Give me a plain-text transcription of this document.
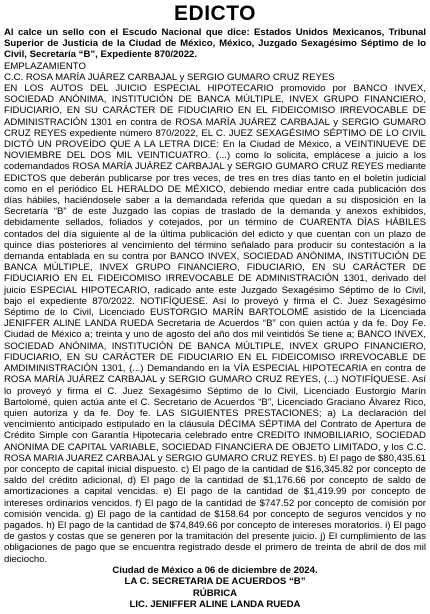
EDICTO

Al calce un sello con el Escudo Nacional que dice: Estados Unidos Mexicanos, Tribunal Superior de Justicia de la Ciudad de México, México, Juzgado Sexagésimo Séptimo de lo Civil, Secretaría “B”, Expediente 870/2022.

EMPLAZAMIENTO
C.C. ROSA MARÍA JUÁREZ CARBAJAL y SERGIO GUMARO CRUZ REYES
EN LOS AUTOS DEL JUICIO ESPECIAL HIPOTECARIO promovido por BANCO INVEX, SOCIEDAD ANÓNIMA, INSTITUCIÓN DE BANCA MÚLTIPLE, INVEX GRUPO FINANCIERO, FIDUCIARIO, EN SU CARÁCTER DE FIDUCIARIO EN EL FIDEICOMISO IRREVOCABLE DE ADMINISTRACIÓN 1301 en contra de ROSA MARÍA JUÁREZ CARBAJAL y SERGIO GUMARO CRUZ REYES expediente número 870/2022, EL C. JUEZ SEXAGÉSIMO SÉPTIMO DE LO CIVIL DICTÓ UN PROVEÍDO QUE A LA LETRA DICE: En la Ciudad de México, a VEINTINUEVE DE NOVIEMBRE DEL DOS MIL VEINTICUATRO. (...) como lo solicita, emplácese a juicio a los codemandados ROSA MARÍA JUÁREZ CARBAJAL y SERGIO GUMARO CRUZ REYES mediante EDICTOS que deberán publicarse por tres veces, de tres en tres días tanto en el boletín judicial como en el periódico EL HERALDO DE MÉXICO, debiendo mediar entre cada publicación dos días hábiles, haciéndosele saber a la demandada referida que quedan a su disposición en la Secretaría “B” de este Juzgado las copias de traslado de la demanda y anexos exhibidos, debidamente sellados, foliados y cotejados, por un término de CUARENTA DÍAS HÁBILES contados del día siguiente al de la última publicación del edicto y que cuentan con un plazo de quince días posteriores al vencimiento del término señalado para producir su contestación a la demanda entablada en su contra por BANCO INVEX, SOCIEDAD ANÓNIMA, INSTITUCIÓN DE BANCA MÚLTIPLE, INVEX GRUPO FINANCIERO, FIDUCIARIO, EN SU CARÁCTER DE FIDUCIARIO EN EL FIDEICOMISO IRREVOCABLE DE ADMINISTRACIÓN 1301, derivado del juicio ESPECIAL HIPOTECARIO, radicado ante este Juzgado Sexagésimo Séptimo de lo Civil, bajo el expediente 870/2022. NOTIFÍQUESE. Así lo proveyó y firma el C. Juez Sexagésimo Séptimo de lo Civil, Licenciado EUSTORGIO MARÍN BARTOLOMÉ asistido de la Licenciada JENIFFER ALINE LANDA RUEDA Secretaria de Acuerdos “B” con quien actúa y da fe. Doy Fe. Ciudad de México a; treinta y uno de agosto del año dos mil veintidós Se tiene a; BANCO INVEX, SOCIEDAD ANÓNIMA, INSTITUCIÓN DE BANCA MÚLTIPLE, INVEX GRUPO FINANCIERO, FIDUCIARIO, EN SU CARÁCTER DE FIDUCIARIO EN EL FIDEICOMISO IRREVOCABLE DE AMDIMINISTRACIÓN 1301, (...) Demandando en la VÍA ESPECIAL HIPOTECARIA en contra de ROSA MARÍA JUÁREZ CARBAJAL y SERGIO GUMARO CRUZ REYES, (...) NOTIFÍQUESE. Así lo proveyó y firma el C. Juez Sexagésimo Séptimo de lo Civil, Licenciado Eustorgio Marín Bartolomé, quien actúa ante el C. Secretario de Acuerdos “B”, Licenciado Graciano Álvarez Rico, quien autoriza y da fe. Doy fe. LAS SIGUIENTES PRESTACIONES; a) La declaración del vencimiento anticipado estipulado en la cláusula DÉCIMA SÉPTIMA del Contrato de Apertura de Crédito Simple con Garantía Hipotecaria celebrado entre CREDITO INMOBILIARIO, SOCIEDAD ANONIMA DE CAPITAL VARIABLE, SOCIEDAD FINANCIERA DE OBJETO LIMITADO, y los C.C. ROSA MARIA JUAREZ CARBAJAL y SERGIO GUMARO CRUZ REYES. b) El pago de $80,435.61 por concepto de capital inicial dispuesto. c) El pago de la cantidad de $16,345.82 por concepto de saldo del crédito adicional, d) El pago de la cantidad de $1,176.66 por concepto de saldo de amortizaciones a capital vencidas. e) El pago de la cantidad de $1,419.99 por concepto de intereses ordinarios vencidos. f) El pago de la cantidad de $747.52 por concepto de comisión por comisión vencida. g) El pago de la cantidad de $158.64 por concepto de seguros vencidos y no pagados. h) El pago de la cantidad de $74,849.66 por concepto de intereses moratorios. i) El pago de gastos y costas que se generen por la tramitación del presente juicio. j) El cumplimiento de las obligaciones de pago que se encuentra registrado desde el primero de treinta de abril de dos mil dieciocho.

Ciudad de México a 06 de diciembre de 2024.

LA C. SECRETARIA DE ACUERDOS “B”

RÚBRICA

LIC. JENIFFER ALINE LANDA RUEDA
